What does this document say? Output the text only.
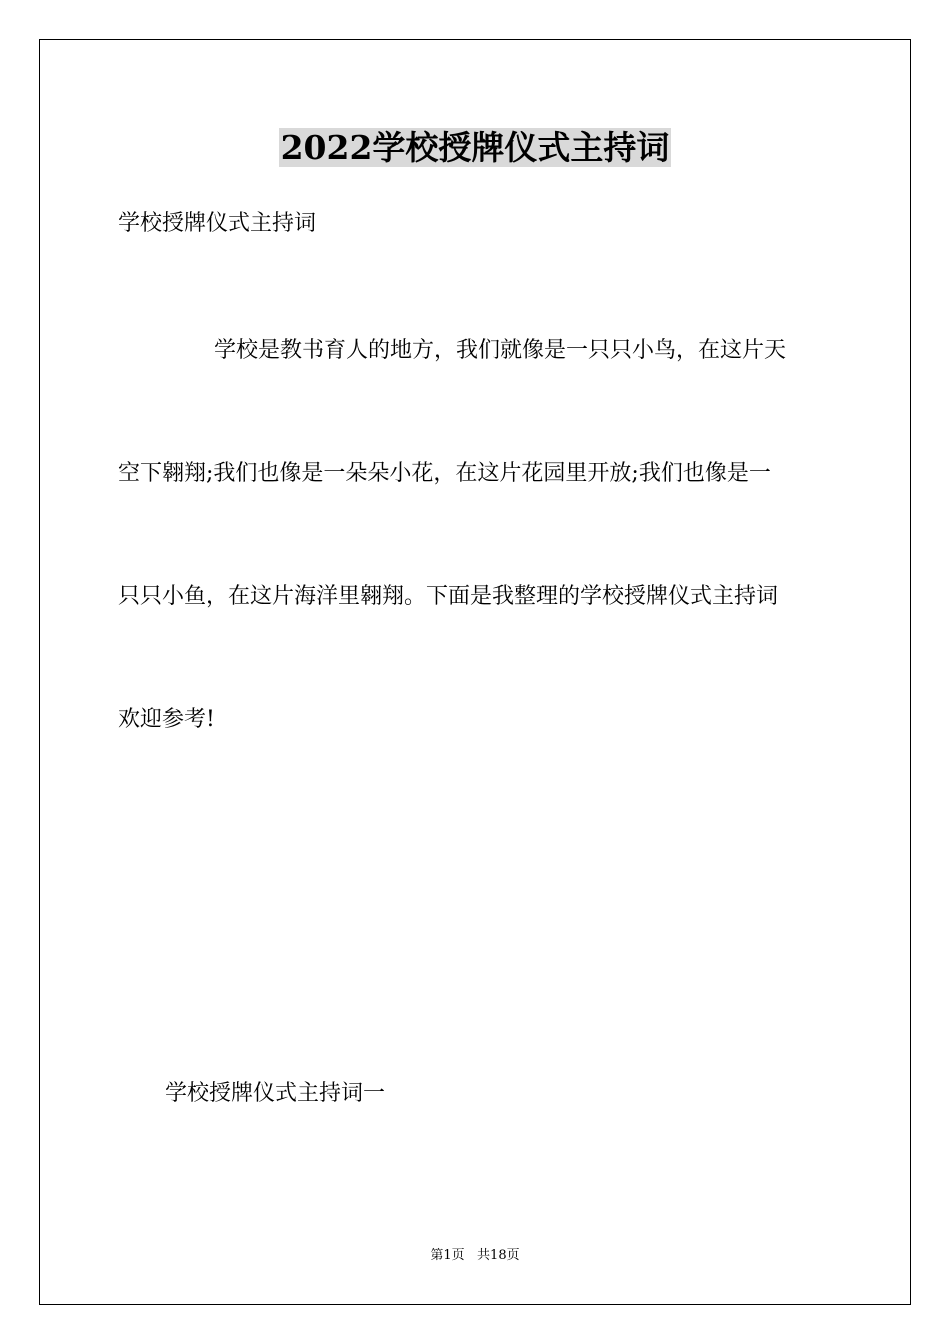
2022学校授牌仪式主持词
学校授牌仪式主持词
学校是教书育人的地方，我们就像是一只只小鸟，在这片天
空下翱翔;我们也像是一朵朵小花，在这片花园里开放;我们也像是一
只只小鱼，在这片海洋里翱翔。下面是我整理的学校授牌仪式主持词
欢迎参考!
学校授牌仪式主持词一
第1页   共18页
